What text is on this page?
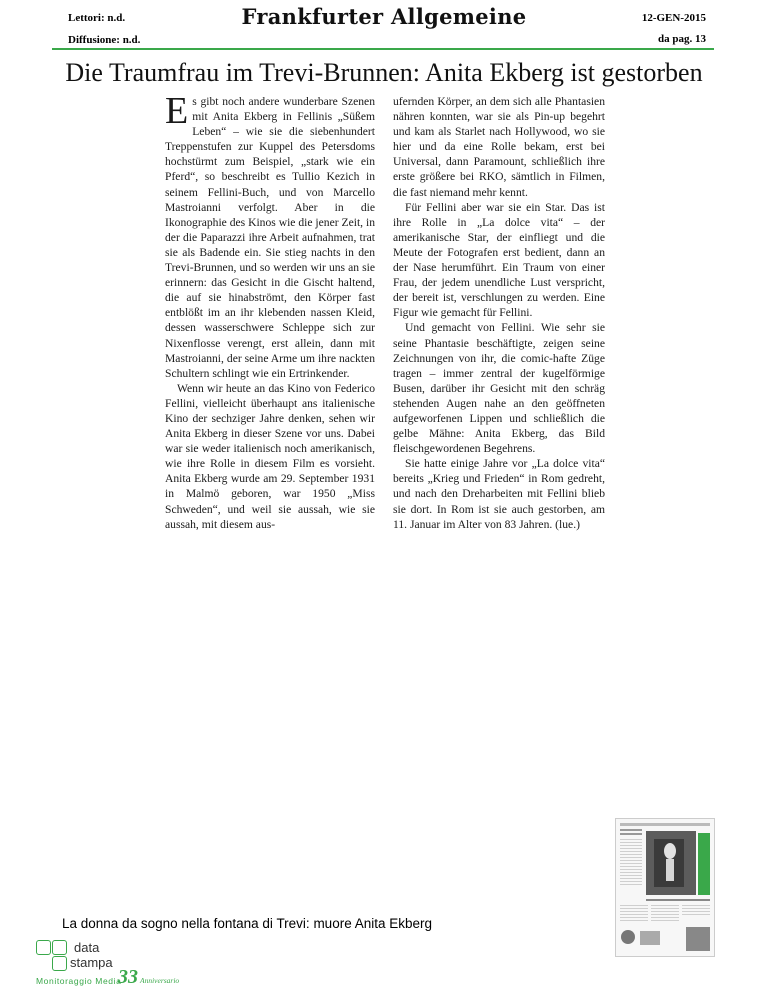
Lettori: n.d.
Diffusione: n.d.
Frankfurter Allgemeine	12-GEN-2015
da pag. 13
Die Traumfrau im Trevi-Brunnen: Anita Ekberg ist gestorben

Es gibt noch andere wunderbare Szenen mit Anita Ekberg in Fellinis „Süßem Leben“ – wie sie die siebenhundert Treppenstufen zur Kuppel des Petersdoms hochstürmt zum Beispiel, „stark wie ein Pferd“, so beschreibt es Tullio Kezich in seinem Fellini-Buch, und von Marcello Mastroianni verfolgt. Aber in die Ikonographie des Kinos wie die jener Zeit, in der die Paparazzi ihre Arbeit aufnahmen, trat sie als Badende ein. Sie stieg nachts in den Trevi-Brunnen, und so werden wir uns an sie erinnern: das Gesicht in die Gischt haltend, die auf sie hinabströmt, den Körper fast entblößt im an ihr klebenden nassen Kleid, dessen wasserschwere Schleppe sich zur Nixenflosse verengt, erst allein, dann mit Mastroianni, der seine Arme um ihre nackten Schultern schlingt wie ein Ertrinkender.

Wenn wir heute an das Kino von Federico Fellini, vielleicht überhaupt ans italienische Kino der sechziger Jahre denken, sehen wir Anita Ekberg in dieser Szene vor uns. Dabei war sie weder italienisch noch amerikanisch, wie ihre Rolle in diesem Film es vorsieht. Anita Ekberg wurde am 29. September 1931 in Malmö geboren, war 1950 „Miss Schweden“, und weil sie aussah, wie sie aussah, mit diesem aus-

ufernden Körper, an dem sich alle Phantasien nähren konnten, war sie als Pin-up begehrt und kam als Starlet nach Hollywood, wo sie hier und da eine Rolle bekam, erst bei Universal, dann Paramount, schließlich ihre erste größere bei RKO, sämtlich in Filmen, die fast niemand mehr kennt.

Für Fellini aber war sie ein Star. Das ist ihre Rolle in „La dolce vita“ – der amerikanische Star, der einfliegt und die Meute der Fotografen erst bedient, dann an der Nase herumführt. Ein Traum von einer Frau, der jedem unendliche Lust verspricht, der bereit ist, verschlungen zu werden. Eine Figur wie gemacht für Fellini.

Und gemacht von Fellini. Wie sehr sie seine Phantasie beschäftigte, zeigen seine Zeichnungen von ihr, die comic-hafte Züge tragen – immer zentral der kugelförmige Busen, darüber ihr Gesicht mit den schräg stehenden Augen nahe an den geöffneten aufgeworfenen Lippen und schließlich die gelbe Mähne: Anita Ekberg, das Bild fleischgewordenen Begehrens.

Sie hatte einige Jahre vor „La dolce vita“ bereits „Krieg und Frieden“ in Rom gedreht, und nach den Dreharbeiten mit Fellini blieb sie dort. In Rom ist sie auch gestorben, am 11. Januar im Alter von 83 Jahren. (lue.)

La donna da sogno nella fontana di Trevi: muore Anita Ekberg
data
stampa
Monitoraggio Media
33 Anniversario
